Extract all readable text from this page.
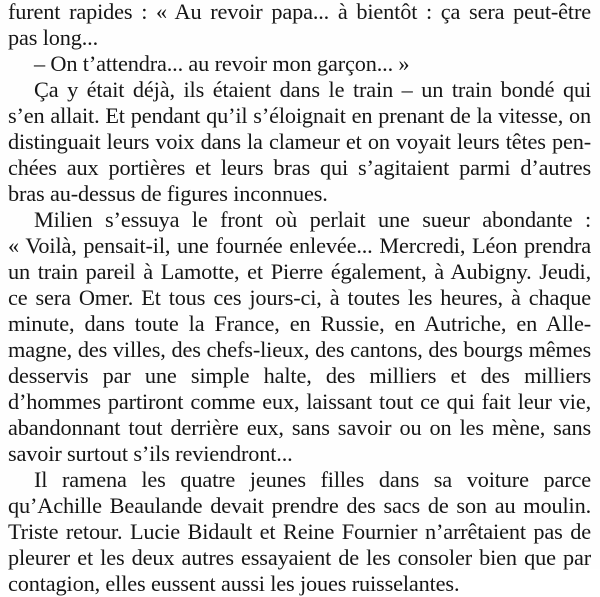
furent rapides : « Au revoir papa... à bientôt : ça sera peut-être
pas long...
– On t’attendra... au revoir mon garçon... »
Ça y était déjà, ils étaient dans le train – un train bondé qui
s’en allait. Et pendant qu’il s’éloignait en prenant de la vitesse, on
distinguait leurs voix dans la clameur et on voyait leurs têtes pen-
chées aux portières et leurs bras qui s’agitaient parmi d’autres
bras au-dessus de figures inconnues.
Milien s’essuya le front où perlait une sueur abondante :
« Voilà, pensait-il, une fournée enlevée... Mercredi, Léon prendra
un train pareil à Lamotte, et Pierre également, à Aubigny. Jeudi,
ce sera Omer. Et tous ces jours-ci, à toutes les heures, à chaque
minute, dans toute la France, en Russie, en Autriche, en Alle-
magne, des villes, des chefs-lieux, des cantons, des bourgs mêmes
desservis par une simple halte, des milliers et des milliers
d’hommes partiront comme eux, laissant tout ce qui fait leur vie,
abandonnant tout derrière eux, sans savoir ou on les mène, sans
savoir surtout s’ils reviendront...
Il ramena les quatre jeunes filles dans sa voiture parce
qu’Achille Beaulande devait prendre des sacs de son au moulin.
Triste retour. Lucie Bidault et Reine Fournier n’arrêtaient pas de
pleurer et les deux autres essayaient de les consoler bien que par
contagion, elles eussent aussi les joues ruisselantes.
